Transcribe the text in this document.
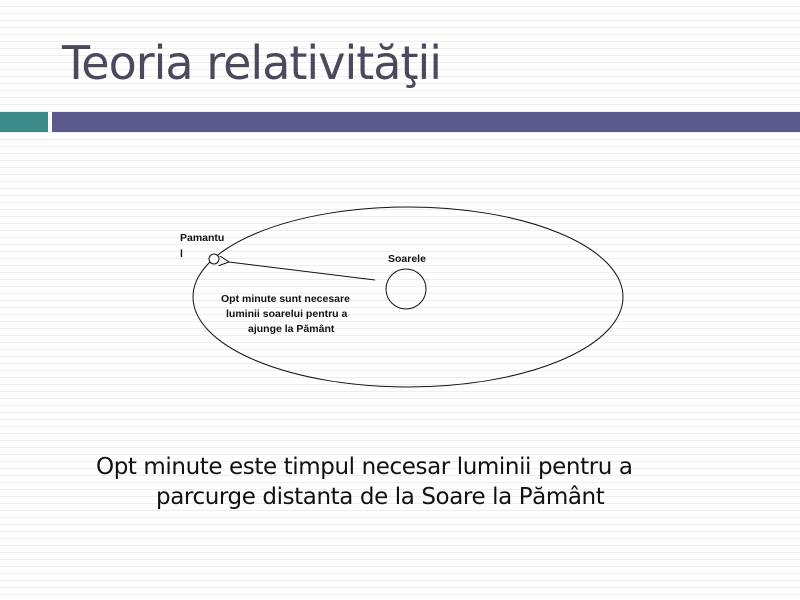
Teoria relativităţii
Pamantu
l	Soarele
Opt minute sunt necesare
luminii soarelui pentru a
ajunge la Pământ
Opt minute este timpul necesar luminii pentru a
parcurge distanta de la Soare la Pământ
